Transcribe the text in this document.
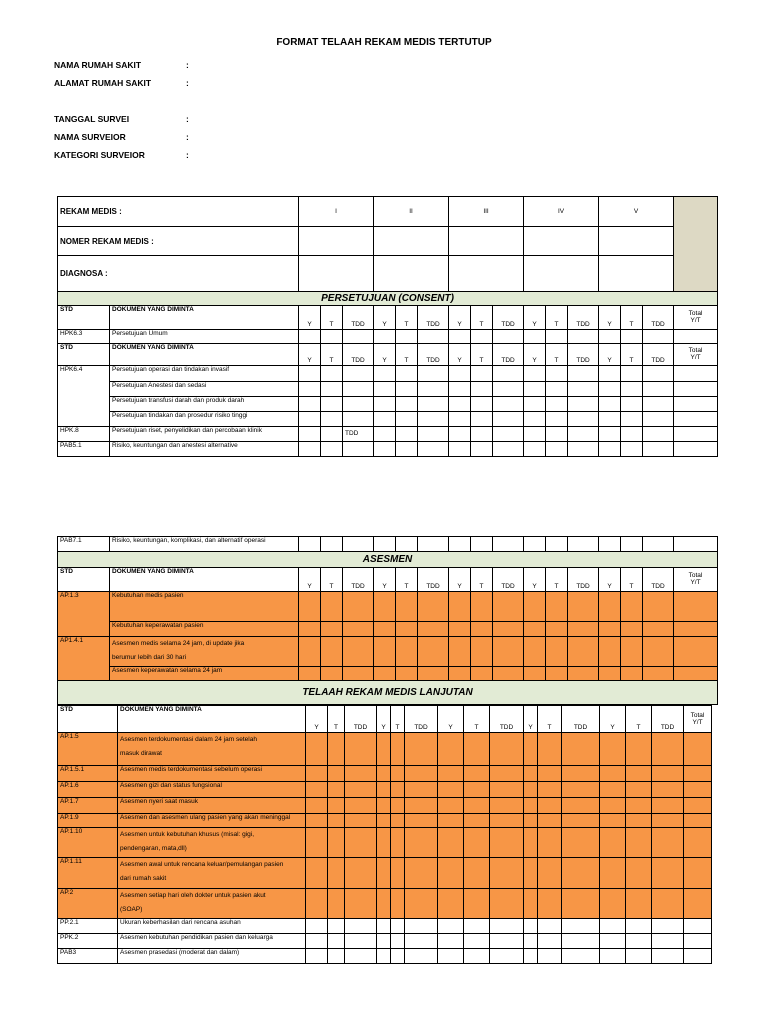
FORMAT TELAAH REKAM MEDIS TERTUTUP
NAMA RUMAH SAKIT	:
ALAMAT RUMAH SAKIT	:
TANGGAL SURVEI	:
NAMA SURVEIOR	:
KATEGORI SURVEIOR	:
REKAM MEDIS :		I			II			III			IV			V			
NOMER REKAM MEDIS :																	
DIAGNOSA :																	
PERSETUJUAN (CONSENT)																	
STD	DOKUMEN YANG DIMINTA	Y	T	TDD	Y	T	TDD	Y	T	TDD	Y	T	TDD	Y	T	TDD	Total
Y/T

HPK6.3	Persetujuan Umum																
STD	DOKUMEN YANG DIMINTA	Y	T	TDD	Y	T	TDD	Y	T	TDD	Y	T	TDD	Y	T	TDD	Total
Y/T

HPK6.4	Persetujuan operasi dan tindakan invasif																
	Persetujuan Anestesi dan sedasi																
	Persetujuan transfusi darah dan produk darah																
	Persetujuan tindakan dan prosedur risiko tinggi																
HPK.8	Persetujuan riset, penyelidikan dan percobaan klinik			TDD													
PAB5.1	Risiko, keuntungan dan anestesi alternative																
PAB7.1	Risiko, keuntungan, komplikasi, dan alternatif operasi																
ASESMEN																	
STD	DOKUMEN YANG DIMINTA	Y	T	TDD	Y	T	TDD	Y	T	TDD	Y	T	TDD	Y	T	TDD	Total
Y/T

AP.1.3	Kebutuhan medis pasien																
	Kebutuhan keperawatan pasien																
AP1.4.1	Asesmen medis selama 24 jam, di update jika
berumur lebih dari 30 hari																

	Asesmen keperawatan selama 24 jam																
TELAAH REKAM MEDIS LANJUTAN																	
STD	DOKUMEN YANG DIMINTA	Y	T	TDD	Y	T	TDD	Y	T	TDD	Y	T	TDD	Y	T	TDD	Total
Y/T

AP.1.5	Asesmen terdokumentasi dalam 24 jam setelah
masuk dirawat																

AP.1.5.1	Asesmen medis terdokumentasi sebelum operasi																
AP.1.6	Asesmen gizi dan status fungsional																
AP.1.7	Asesmen nyeri saat masuk																
AP.1.9	Asesmen dan asesmen ulang pasien yang akan meninggal																
AP.1.10	Asesmen untuk kebutuhan khusus (misal: gigi,
pendengaran, mata,dll)																

AP.1.11	Asesmen awal untuk rencana keluar/pemulangan pasien
dari rumah sakit																

AP.2	Asesmen setiap hari oleh dokter untuk pasien akut
(SOAP)																

PP.2.1	Ukuran keberhasilan dari rencana asuhan																
PPK.2	Asesmen kebutuhan pendidikan pasien dan keluarga																
PAB3	Asesmen prasedasi (moderat dan dalam)																
